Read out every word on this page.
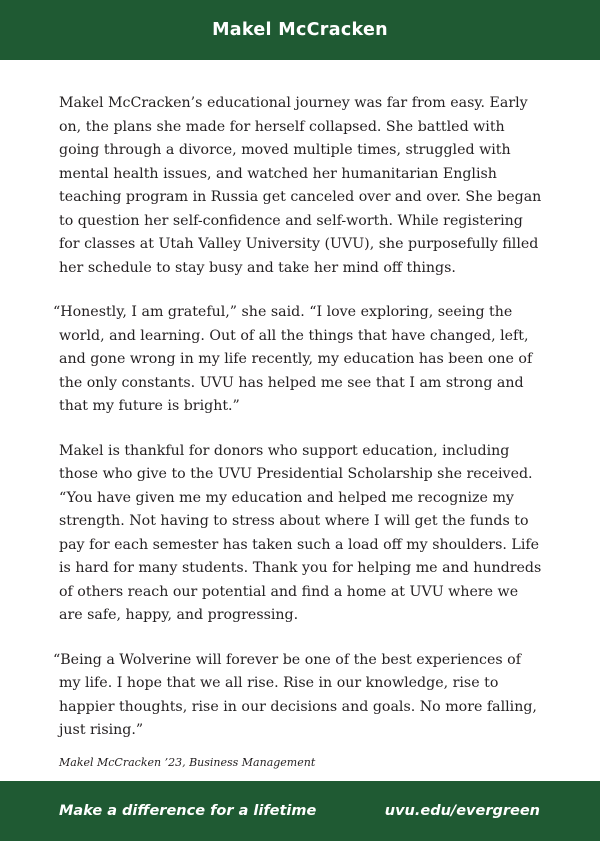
Makel McCracken

Makel McCracken’s educational journey was far from easy. Early on, the plans she made for herself collapsed. She battled with going through a divorce, moved multiple times, struggled with mental health issues, and watched her humanitarian English teaching program in Russia get canceled over and over. She began to question her self-confidence and self-worth. While registering for classes at Utah Valley University (UVU), she purposefully filled her schedule to stay busy and take her mind off things.

“Honestly, I am grateful,” she said. “I love exploring, seeing the world, and learning. Out of all the things that have changed, left, and gone wrong in my life recently, my education has been one of the only constants. UVU has helped me see that I am strong and that my future is bright.”

Makel is thankful for donors who support education, including those who give to the UVU Presidential Scholarship she received. “You have given me my education and helped me recognize my strength. Not having to stress about where I will get the funds to pay for each semester has taken such a load off my shoulders. Life is hard for many students. Thank you for helping me and hundreds of others reach our potential and find a home at UVU where we are safe, happy, and progressing.

“Being a Wolverine will forever be one of the best experiences of my life. I hope that we all rise. Rise in our knowledge, rise to happier thoughts, rise in our decisions and goals. No more falling, just rising.”

Makel McCracken ’23, Business Management
Make a difference for a lifetime	uvu.edu/evergreen
